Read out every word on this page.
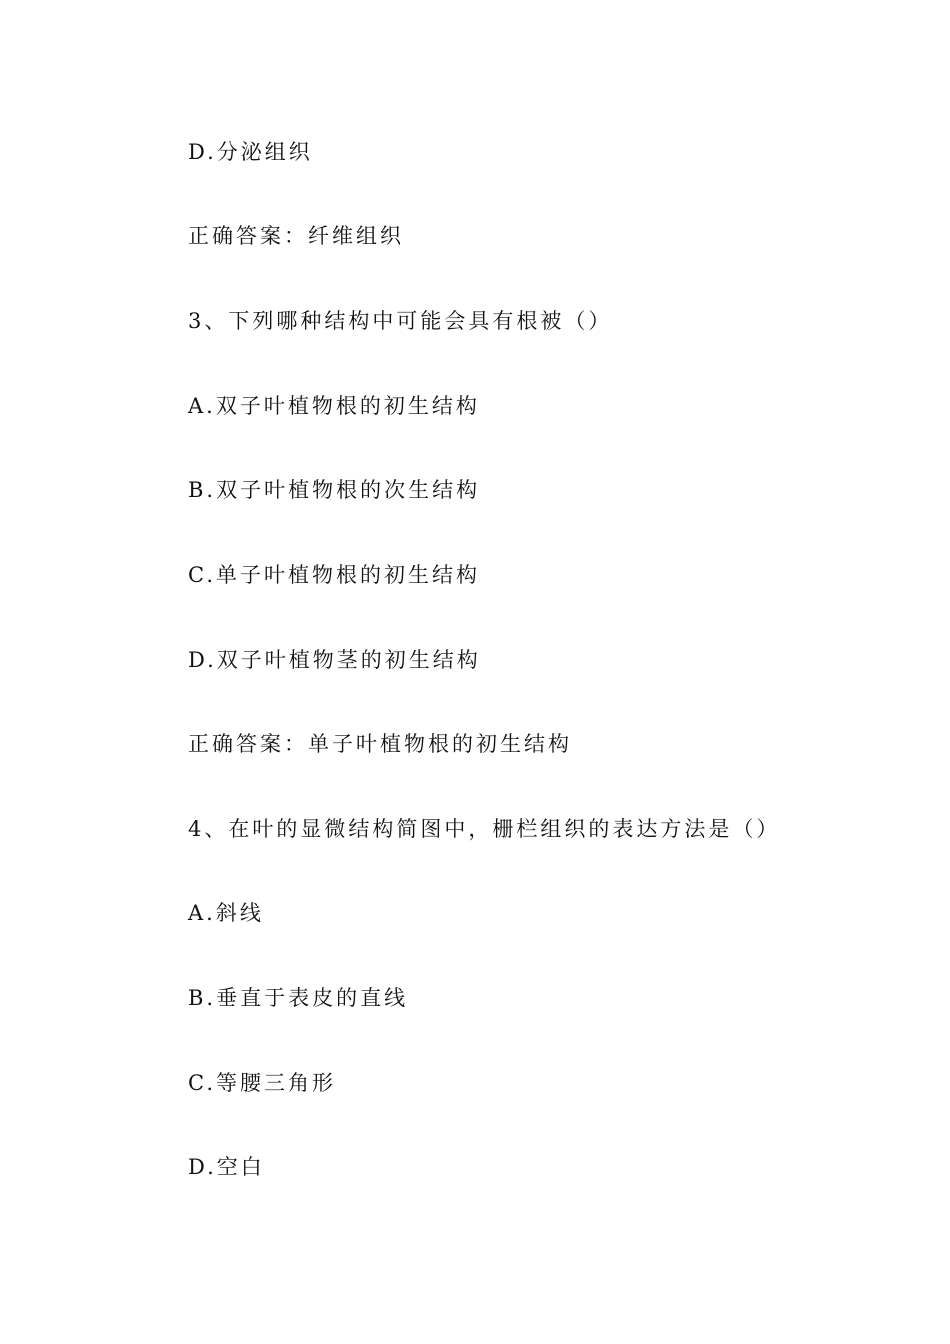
D.分泌组织
正确答案：纤维组织
3、下列哪种结构中可能会具有根被（）
A.双子叶植物根的初生结构
B.双子叶植物根的次生结构
C.单子叶植物根的初生结构
D.双子叶植物茎的初生结构
正确答案：单子叶植物根的初生结构
4、在叶的显微结构简图中，栅栏组织的表达方法是（）
A.斜线
B.垂直于表皮的直线
C.等腰三角形
D.空白
